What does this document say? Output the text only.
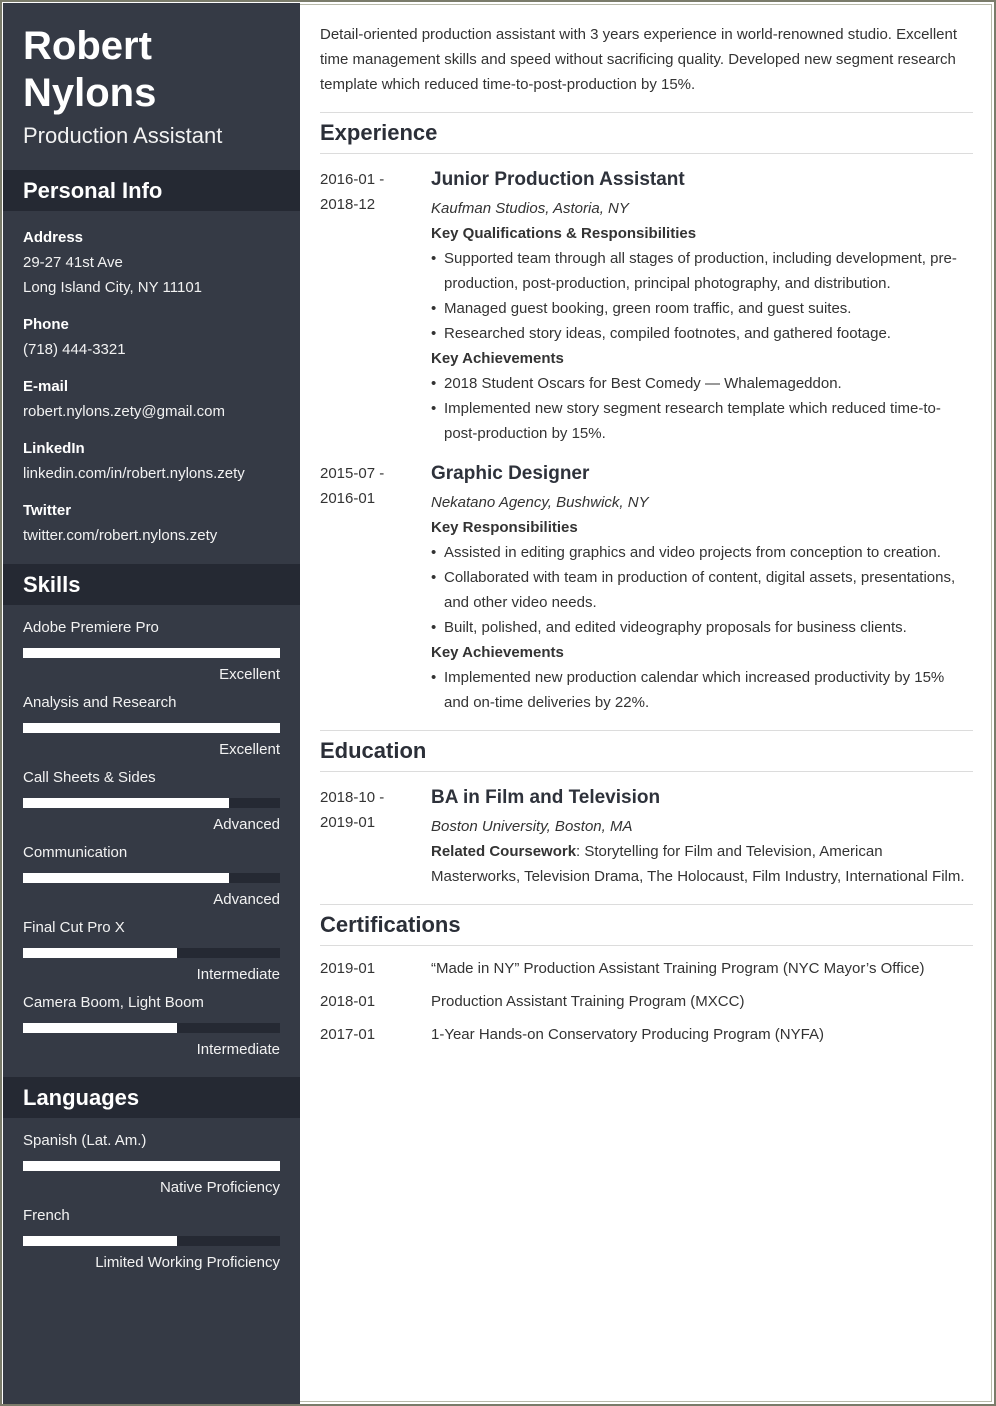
Robert
Nylons
Production Assistant
Personal Info
Address
29-27 41st Ave
Long Island City, NY 11101
Phone
(718) 444-3321
E-mail
robert.nylons.zety@gmail.com
LinkedIn
linkedin.com/in/robert.nylons.zety
Twitter
twitter.com/robert.nylons.zety
Skills
Adobe Premiere Pro
Excellent
Analysis and Research
Excellent
Call Sheets & Sides
Advanced
Communication
Advanced
Final Cut Pro X
Intermediate
Camera Boom, Light Boom
Intermediate
Languages
Spanish (Lat. Am.)
Native Proficiency
French
Limited Working Proficiency

Detail-oriented production assistant with 3 years experience in world-renowned studio. Excellent time management skills and speed without sacrificing quality. Developed new segment research template which reduced time-to-post-production by 15%.

Experience
2016-01 -
2018-12
Junior Production Assistant
Kaufman Studios, Astoria, NY
Key Qualifications & Responsibilities
• Supported team through all stages of production, including development, pre-production, post-production, principal photography, and distribution.
• Managed guest booking, green room traffic, and guest suites.
• Researched story ideas, compiled footnotes, and gathered footage.
Key Achievements
• 2018 Student Oscars for Best Comedy — Whalemageddon.
• Implemented new story segment research template which reduced time-to-post-production by 15%.
2015-07 -
2016-01
Graphic Designer
Nekatano Agency, Bushwick, NY
Key Responsibilities
• Assisted in editing graphics and video projects from conception to creation.
• Collaborated with team in production of content, digital assets, presentations, and other video needs.
• Built, polished, and edited videography proposals for business clients.
Key Achievements
• Implemented new production calendar which increased productivity by 15% and on-time deliveries by 22%.
Education
2018-10 -
2019-01
BA in Film and Television
Boston University, Boston, MA
Related Coursework: Storytelling for Film and Television, American Masterworks, Television Drama, The Holocaust, Film Industry, International Film.
Certifications
2019-01	“Made in NY” Production Assistant Training Program (NYC Mayor’s Office)
2018-01	Production Assistant Training Program (MXCC)
2017-01	1-Year Hands-on Conservatory Producing Program (NYFA)
